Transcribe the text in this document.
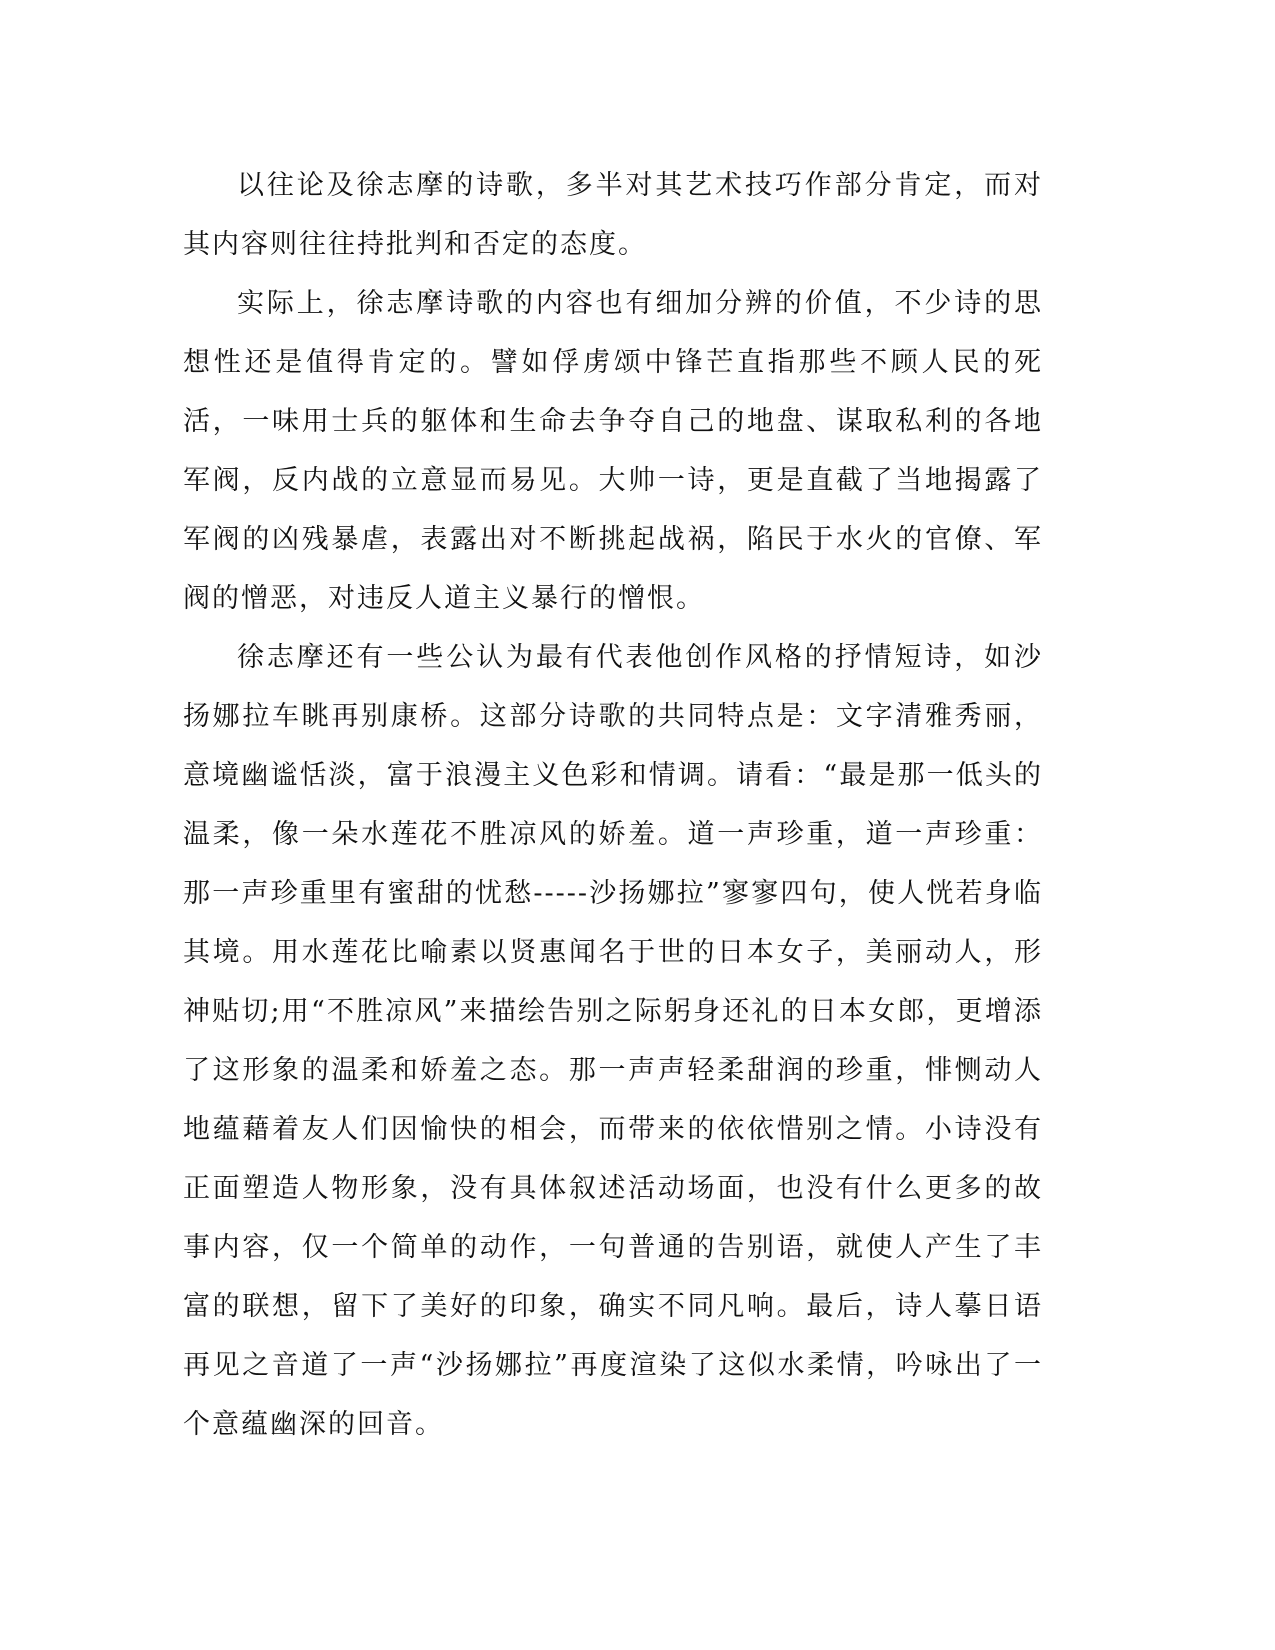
以往论及徐志摩的诗歌，多半对其艺术技巧作部分肯定，而对其内容则往往持批判和否定的态度。

实际上，徐志摩诗歌的内容也有细加分辨的价值，不少诗的思想性还是值得肯定的。譬如俘虏颂中锋芒直指那些不顾人民的死活，一味用士兵的躯体和生命去争夺自己的地盘、谋取私利的各地军阀，反内战的立意显而易见。大帅一诗，更是直截了当地揭露了军阀的凶残暴虐，表露出对不断挑起战祸，陷民于水火的官僚、军阀的憎恶，对违反人道主义暴行的憎恨。

徐志摩还有一些公认为最有代表他创作风格的抒情短诗，如沙扬娜拉车眺再别康桥。这部分诗歌的共同特点是：文字清雅秀丽，意境幽谧恬淡，富于浪漫主义色彩和情调。请看：“最是那一低头的温柔，像一朵水莲花不胜凉风的娇羞。道一声珍重，道一声珍重：那一声珍重里有蜜甜的忧愁-----沙扬娜拉”寥寥四句，使人恍若身临其境。用水莲花比喻素以贤惠闻名于世的日本女子，美丽动人，形神贴切;用“不胜凉风”来描绘告别之际躬身还礼的日本女郎，更增添了这形象的温柔和娇羞之态。那一声声轻柔甜润的珍重，悱恻动人地蕴藉着友人们因愉快的相会，而带来的依依惜别之情。小诗没有正面塑造人物形象，没有具体叙述活动场面，也没有什么更多的故事内容，仅一个简单的动作，一句普通的告别语，就使人产生了丰富的联想，留下了美好的印象，确实不同凡响。最后，诗人摹日语再见之音道了一声“沙扬娜拉”再度渲染了这似水柔情，吟咏出了一个意蕴幽深的回音。
